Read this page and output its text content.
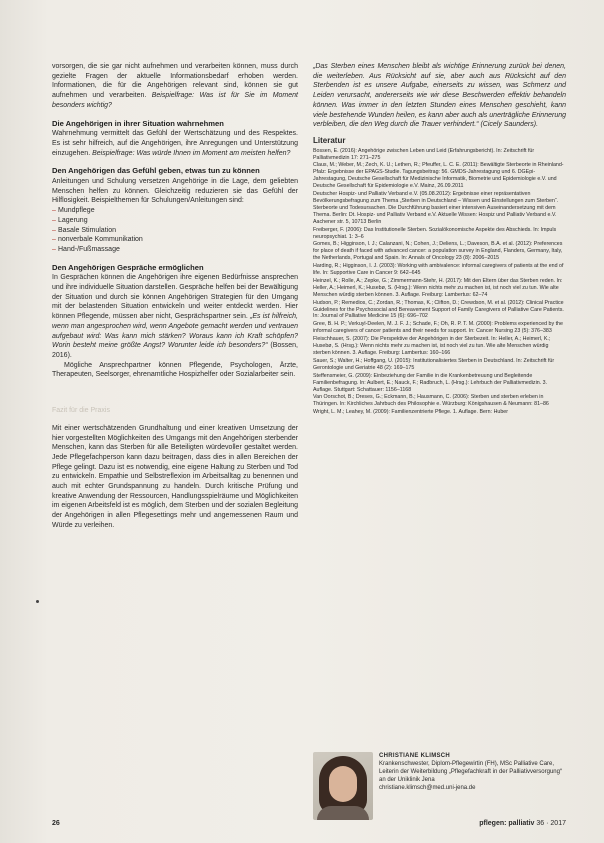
vorsorgen, die sie gar nicht aufnehmen und verarbeiten können, muss durch gezielte Fragen der aktuelle Informationsbedarf erhoben werden. Informationen, die für die Angehörigen relevant sind, können sie gut aufnehmen und verarbeiten. Beispielfrage: Was ist für Sie im Moment besonders wichtig?

Die Angehörigen in ihrer Situation wahrnehmen

Wahrnehmung vermittelt das Gefühl der Wertschätzung und des Respektes. Es ist sehr hilfreich, auf die Angehörigen, ihre Anregungen und Unterstützung einzugehen. Beispielfrage: Was würde Ihnen im Moment am meisten helfen?

Den Angehörigen das Gefühl geben, etwas tun zu können

Anleitungen und Schulung versetzen Angehörige in die Lage, dem geliebten Menschen helfen zu können. Gleichzeitig reduzieren sie das Gefühl der Hilflosigkeit. Beispielthemen für Schulungen/Anleitungen sind:

– Mundpflege
– Lagerung
– Basale Stimulation
– nonverbale Kommunikation
– Hand-/Fußmassage
Den Angehörigen Gespräche ermöglichen

In Gesprächen können die Angehörigen ihre eigenen Bedürfnisse ansprechen und ihre individuelle Situation darstellen. Gespräche helfen bei der Bewältigung der Situation und durch sie können Angehörigen Strategien für den Umgang mit der belastenden Situation entwickeln und weiter entdeckt werden. Hier können Pflegende, müssen aber nicht, Gesprächspartner sein. „Es ist hilfreich, wenn man angesprochen wird, wenn Angebote gemacht werden und vertrauen aufgebaut wird: Was kann mich stärken? Woraus kann ich Kraft schöpfen? Worin besteht meine größte Angst? Worunter leide ich besonders?“ (Bossen, 2016).

Mögliche Ansprechpartner können Pflegende, Psychologen, Ärzte, Therapeuten, Seelsorger, ehrenamtliche Hospizhelfer oder Sozialarbeiter sein.

Fazit für die Praxis

Mit einer wertschätzenden Grundhaltung und einer kreativen Umsetzung der hier vorgestellten Möglichkeiten des Umgangs mit den Angehörigen sterbender Menschen, kann das Sterben für alle Beteiligten würdevoller gestaltet werden. Jede Pflegefachperson kann dazu beitragen, dass dies in allen Bereichen der Pflege gelingt. Dazu ist es notwendig, eine eigene Haltung zu Sterben und Tod zu entwickeln. Empathie und Selbstreflexion im Arbeitsalltag zu benennen und auch mit echter Grundspannung zu handeln. Durch kritische Prüfung und kreative Anwendung der Ressourcen, Handlungsspielräume und Möglichkeiten im eigenen Arbeitsfeld ist es möglich, dem Sterben und der sozialen Begleitung der Angehörigen in allen Pflegesettings mehr und angemessenen Raum und Würde zu verleihen.

„Das Sterben eines Menschen bleibt als wichtige Erinnerung zurück bei denen, die weiterleben. Aus Rücksicht auf sie, aber auch aus Rücksicht auf den Sterbenden ist es unsere Aufgabe, einerseits zu wissen, was Schmerz und Leiden verursacht, andererseits wie wir diese Beschwerden effektiv behandeln können. Was immer in den letzten Stunden eines Menschen geschieht, kann viele bestehende Wunden heilen, es kann aber auch als unerträgliche Erinnerung verbleiben, die den Weg durch die Trauer verhindert.“ (Cicely Saunders).

Literatur
Bossen, E. (2016): Angehörige zwischen Leben und Leid (Erfahrungsbericht). In: Zeitschrift für Palliativmedizin 17: 271–275
Claus, M.; Weber, M.; Zech, K. U.; Lethen, R.; Pfeuffer, L. C. E. (2011): Bewältigte Sterbeorte in Rheinland-Pfalz: Ergebnisse der EPAGS-Studie. Tagungsbeitrag: 56. GMDS-Jahrestagung und 6. DGEpi-Jahrestagung, Deutsche Gesellschaft für Medizinische Informatik, Biometrie und Epidemiologie e.V. und Deutsche Gesellschaft für Epidemiologie e.V. Mainz, 26.09.2011
Deutscher Hospiz- und Palliativ Verband e.V. (05.08.2012): Ergebnisse einer repräsentativen Bevölkerungsbefragung zum Thema „Sterben in Deutschland – Wissen und Einstellungen zum Sterben“. Sterbeorte und Todesursachen. Die Durchführung basiert einer intensiven Auseinandersetzung mit dem Thema. Berlin: Dt. Hospiz- und Palliativ Verband e.V. Aktuelle Wissen: Hospiz und Palliativ Verband e.V. Aachener str. 5, 10713 Berlin
Freiberger, F. (2006): Das Institutionelle Sterben. Sozialökonomische Aspekte des Abschieds. In: Impuls neuropsychiat. 1: 3–6
Gomes, B.; Higginson, I. J.; Calanzani, N.; Cohen, J.; Deliens, L.; Daveson, B.A. et al. (2012): Preferences for place of death if faced with advanced cancer: a population survey in England, Flanders, Germany, Italy, the Netherlands, Portugal and Spain. In: Annals of Oncology 23 (8): 2006–2015
Harding, R.; Higginson, I. J. (2003): Working with ambivalence: informal caregivers of patients at the end of life. In: Supportive Care in Cancer 9: 642–645
Heinzel, K.; Rolle, A.; Zepke, G.; Zimmermann-Stehr, H. (2017): Mit den Eltern über das Sterben reden. In: Heller, A.; Heimerl, K.; Husebø, S. (Hrsg.): Wenn nichts mehr zu machen ist, ist noch viel zu tun. Wie alte Menschen würdig sterben können. 3. Auflage. Freiburg: Lambertus: 62–74
Hudson, P.; Remedios, C.; Zordan, R.; Thomas, K.; Clifton, D.; Crewdson, M. et al. (2012): Clinical Practice Guidelines for the Psychosocial and Bereavement Support of Family Caregivers of Palliative Care Patients. In: Journal of Palliative Medicine 15 (6): 696–702
Gree, B. H. P.; Verkuyl-Deelen, M. J. F. J.; Schade, F.; Oh, R. P. T. M. (2000): Problems experienced by the informal caregivers of cancer patients and their needs for support. In: Cancer Nursing 23 (5): 376–383
Fleischhauer, S. (2007): Die Perspektive der Angehörigen in der Sterbezeit. In: Heller, A.; Heimerl, K.; Husebø, S. (Hrsg.): Wenn nichts mehr zu machen ist, ist noch viel zu tun. Wie alte Menschen würdig sterben können. 3. Auflage. Freiburg: Lambertus: 160–166
Sauer, S.; Walter, H.; Hoffgang, U. (2015): Institutionalisiertes Sterben in Deutschland. In: Zeitschrift für Gerontologie und Geriatrie 48 (2): 169–175
Steffensmeier, G. (2009): Einbeziehung der Familie in die Krankenbetreuung und Begleitende Familienbefragung. In: Aulbert, E.; Nauck, F.; Radbruch, L. (Hrsg.): Lehrbuch der Palliativmedizin. 3. Auflage. Stuttgart: Schattauer: 1156–1168
Van Oorschot, B.; Dreses, G.; Eckmann, B.; Hausmann, C. (2006): Sterben und sterben erleben in Thüringen. In: Kirchliches Jahrbuch des Philosophie e. Würzburg: Königshausen & Neumann: 81–86
Wright, L. M.; Leahey, M. (2009): Familienzentrierte Pflege. 1. Auflage. Bern: Huber
CHRISTIANE KLIMSCH
Krankenschwester, Diplom-Pflegewirtin (FH), MSc Palliative Care, Leiterin der Weiterbildung „Pflegefachkraft in der Palliativversorgung“ an der Uniklinik Jena
christiane.klimsch@med.uni-jena.de
26	pflegen: palliativ 36 · 2017
